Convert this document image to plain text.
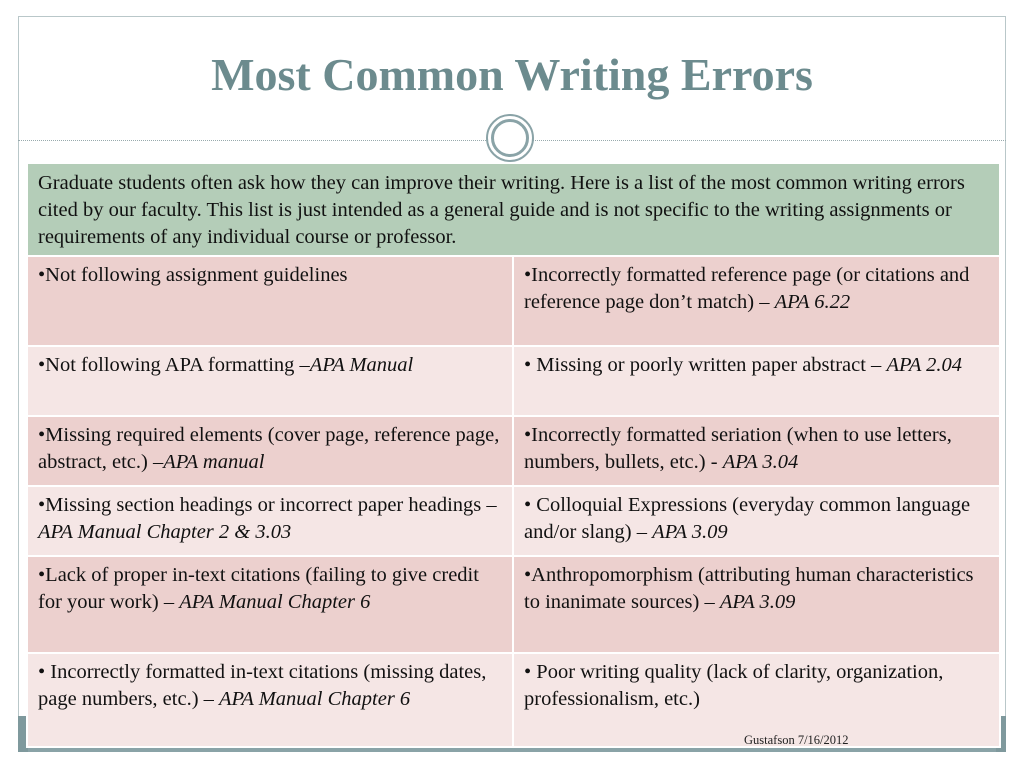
Most Common Writing Errors
Graduate students often ask how they can improve their writing. Here is a list of the most common writing errors cited by our faculty. This list is just intended as a general guide and is not specific to the writing assignments or requirements of any individual course or professor.	
•Not following assignment guidelines	•Incorrectly formatted reference page (or citations and reference page don’t match) – APA 6.22
•Not following APA formatting –APA Manual	• Missing or poorly written paper abstract – APA 2.04
•Missing required elements (cover page, reference page, abstract, etc.) –APA manual	•Incorrectly formatted seriation (when to use letters, numbers, bullets, etc.) - APA 3.04
•Missing section headings or incorrect paper headings – APA Manual Chapter 2 & 3.03	• Colloquial Expressions (everyday common language and/or slang) – APA 3.09
•Lack of proper in-text citations (failing to give credit for your work) – APA Manual Chapter 6	•Anthropomorphism (attributing human characteristics to inanimate sources) – APA 3.09
• Incorrectly formatted in-text citations (missing dates, page numbers, etc.) – APA Manual Chapter 6	• Poor writing quality (lack of clarity, organization, professionalism, etc.)
Gustafson 7/16/2012
